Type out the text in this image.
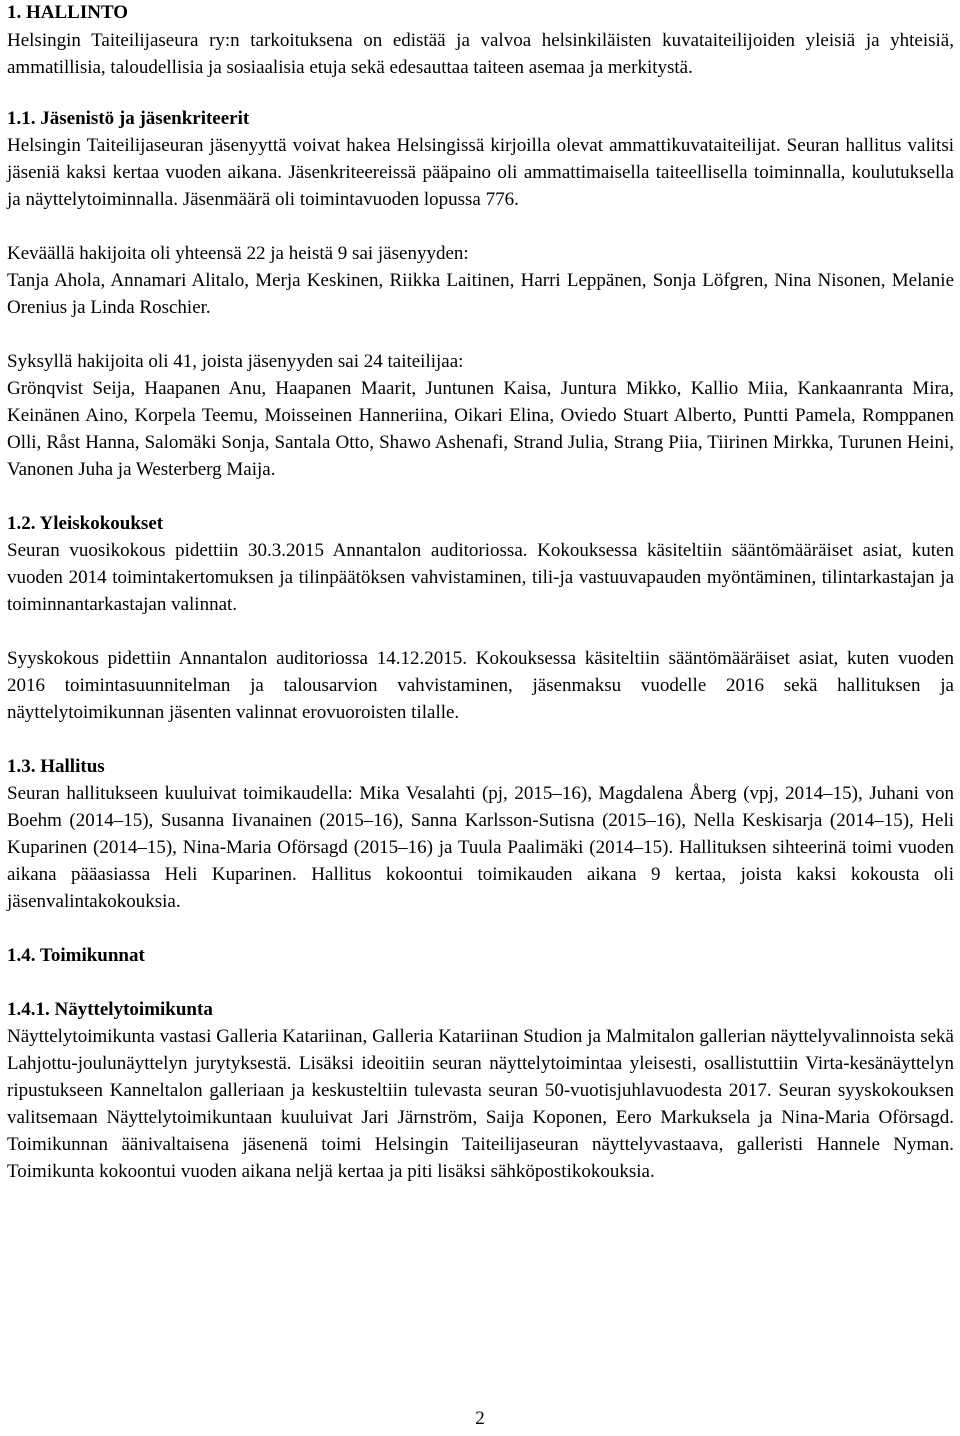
1. HALLINTO

Helsingin Taiteilijaseura ry:n tarkoituksena on edistää ja valvoa helsinkiläisten kuvataiteilijoiden yleisiä ja yhteisiä, ammatillisia, taloudellisia ja sosiaalisia etuja sekä edesauttaa taiteen asemaa ja merkitystä.

1.1. Jäsenistö ja jäsenkriteerit

Helsingin Taiteilijaseuran jäsenyyttä voivat hakea Helsingissä kirjoilla olevat ammattikuvataiteilijat. Seuran hallitus valitsi jäseniä kaksi kertaa vuoden aikana. Jäsenkriteereissä pääpaino oli ammattimaisella taiteellisella toiminnalla, koulutuksella ja näyttelytoiminnalla. Jäsenmäärä oli toimintavuoden lopussa 776.

Keväällä hakijoita oli yhteensä 22 ja heistä 9 sai jäsenyyden:

Tanja Ahola, Annamari Alitalo, Merja Keskinen, Riikka Laitinen, Harri Leppänen, Sonja Löfgren, Nina Nisonen, Melanie Orenius ja Linda Roschier.

Syksyllä hakijoita oli 41, joista jäsenyyden sai 24 taiteilijaa:

Grönqvist Seija, Haapanen Anu, Haapanen Maarit, Juntunen Kaisa, Juntura Mikko, Kallio Miia, Kankaanranta Mira, Keinänen Aino, Korpela Teemu, Moisseinen Hanneriina, Oikari Elina, Oviedo Stuart Alberto, Puntti Pamela, Romppanen Olli, Råst Hanna, Salomäki Sonja, Santala Otto, Shawo Ashenafi, Strand Julia, Strang Piia, Tiirinen Mirkka, Turunen Heini, Vanonen Juha ja Westerberg Maija.

1.2. Yleiskokoukset

Seuran vuosikokous pidettiin 30.3.2015 Annantalon auditoriossa. Kokouksessa käsiteltiin sääntömääräiset asiat, kuten vuoden 2014 toimintakertomuksen ja tilinpäätöksen vahvistaminen, tili-ja vastuuvapauden myöntäminen, tilintarkastajan ja toiminnantarkastajan valinnat.

Syyskokous pidettiin Annantalon auditoriossa 14.12.2015. Kokouksessa käsiteltiin sääntömääräiset asiat, kuten vuoden 2016 toimintasuunnitelman ja talousarvion vahvistaminen, jäsenmaksu vuodelle 2016 sekä hallituksen ja näyttelytoimikunnan jäsenten valinnat erovuoroisten tilalle.

1.3. Hallitus

Seuran hallitukseen kuuluivat toimikaudella: Mika Vesalahti (pj, 2015–16), Magdalena Åberg (vpj, 2014–15), Juhani von Boehm (2014–15), Susanna Iivanainen (2015–16), Sanna Karlsson-Sutisna (2015–16), Nella Keskisarja (2014–15), Heli Kuparinen (2014–15), Nina-Maria Oförsagd (2015–16) ja Tuula Paalimäki (2014–15). Hallituksen sihteerinä toimi vuoden aikana pääasiassa Heli Kuparinen. Hallitus kokoontui toimikauden aikana 9 kertaa, joista kaksi kokousta oli jäsenvalintakokouksia.

1.4. Toimikunnat
1.4.1. Näyttelytoimikunta

Näyttelytoimikunta vastasi Galleria Katariinan, Galleria Katariinan Studion ja Malmitalon gallerian näyttelyvalinnoista sekä Lahjottu-joulunäyttelyn jurytyksestä. Lisäksi ideoitiin seuran näyttelytoimintaa yleisesti, osallistuttiin Virta-kesänäyttelyn ripustukseen Kanneltalon galleriaan ja keskusteltiin tulevasta seuran 50-vuotisjuhlavuodesta 2017. Seuran syyskokouksen valitsemaan Näyttelytoimikuntaan kuuluivat Jari Järnström, Saija Koponen, Eero Markuksela ja Nina-Maria Oförsagd. Toimikunnan äänivaltaisena jäsenenä toimi Helsingin Taiteilijaseuran näyttelyvastaava, galleristi Hannele Nyman. Toimikunta kokoontui vuoden aikana neljä kertaa ja piti lisäksi sähköpostikokouksia.

2
